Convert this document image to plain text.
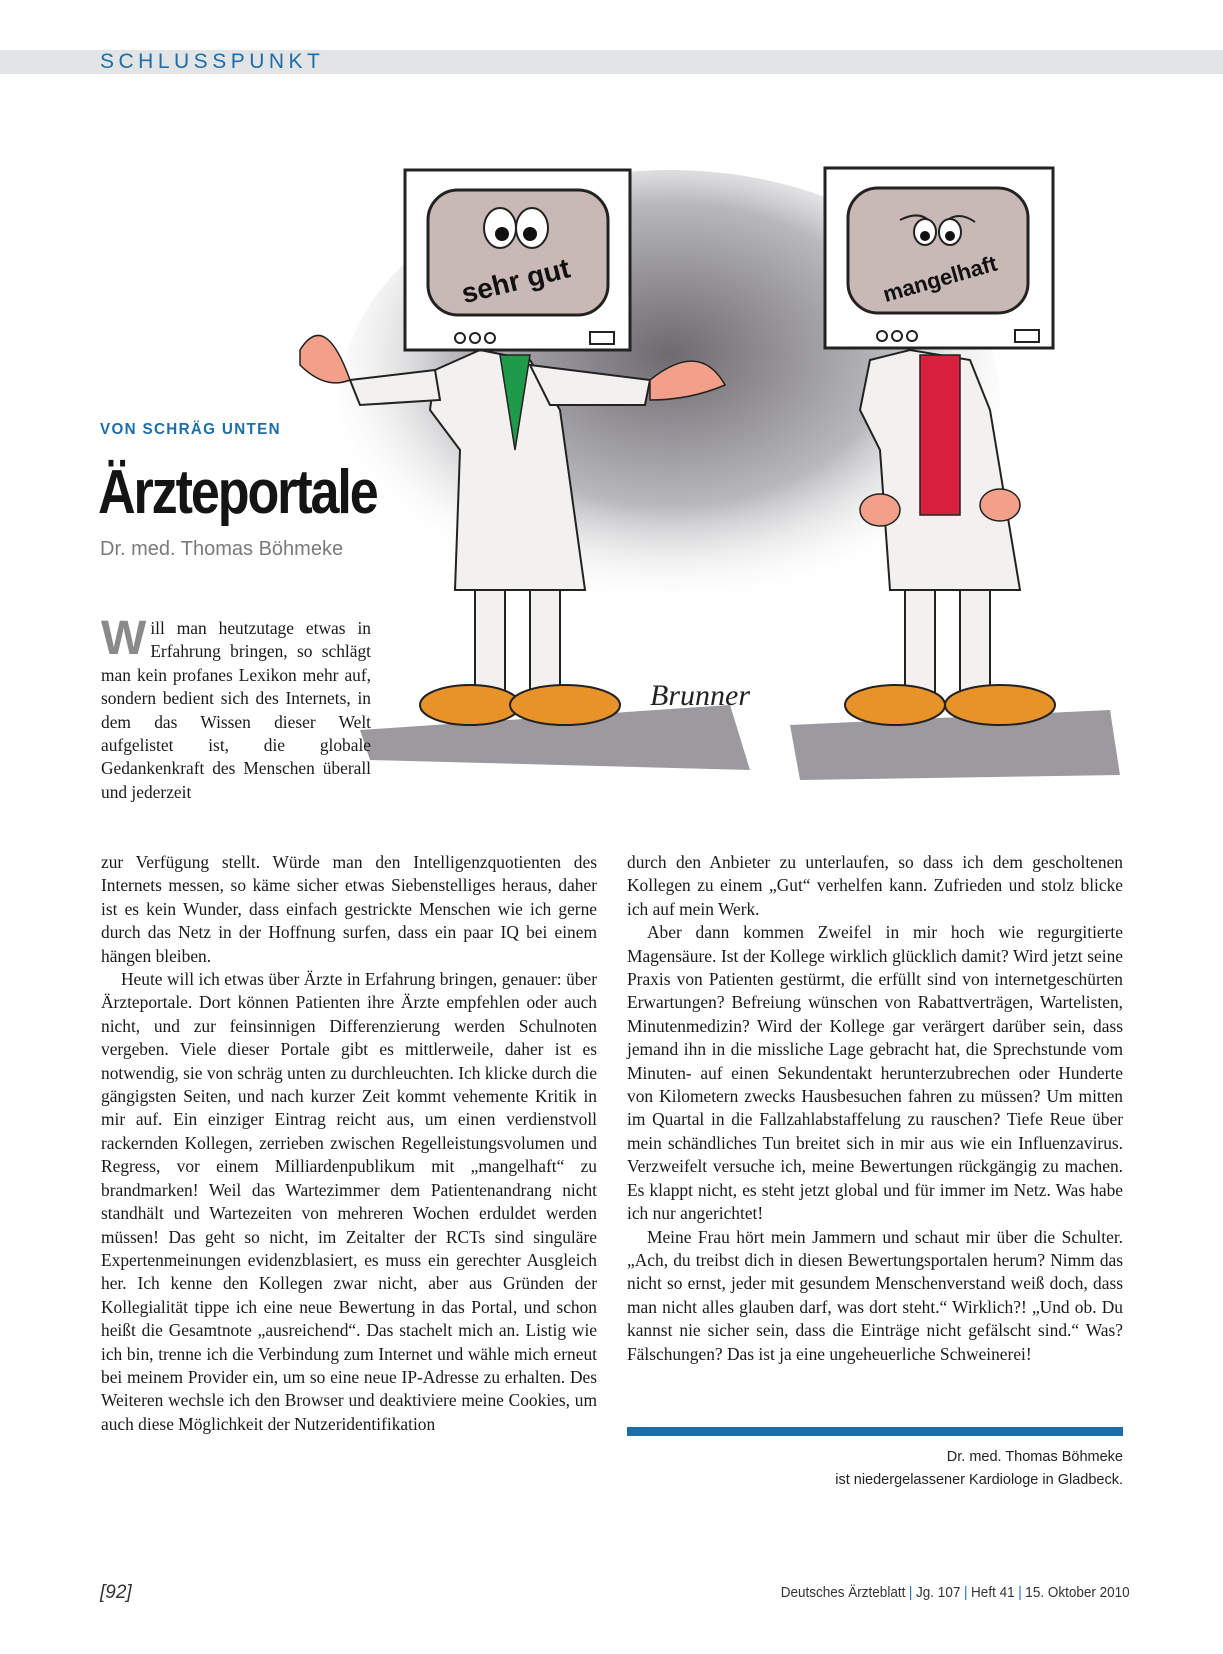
SCHLUSSPUNKT
sehr gut	mangelhaft
Brunner
VON SCHRÄG UNTEN
Ärzteportale
Dr. med. Thomas Böhmeke

Will man heutzutage etwas in Erfahrung bringen, so schlägt man kein profanes Lexikon mehr auf, sondern bedient sich des Internets, in dem das Wissen dieser Welt aufgelistet ist, die globale Gedankenkraft des Menschen überall und jederzeit

zur Verfügung stellt. Würde man den Intelligenzquotienten des Internets messen, so käme sicher etwas Siebenstelliges heraus, daher ist es kein Wunder, dass einfach gestrickte Menschen wie ich gerne durch das Netz in der Hoffnung surfen, dass ein paar IQ bei einem hängen bleiben.

Heute will ich etwas über Ärzte in Erfahrung bringen, genauer: über Ärzteportale. Dort können Patienten ihre Ärzte empfehlen oder auch nicht, und zur feinsinnigen Differenzierung werden Schulnoten vergeben. Viele dieser Portale gibt es mittlerweile, daher ist es notwendig, sie von schräg unten zu durchleuchten. Ich klicke durch die gängigsten Seiten, und nach kurzer Zeit kommt vehemente Kritik in mir auf. Ein einziger Eintrag reicht aus, um einen verdienstvoll rackernden Kollegen, zerrieben zwischen Regelleistungsvolumen und Regress, vor einem Milliardenpublikum mit „mangelhaft“ zu brandmarken! Weil das Wartezimmer dem Patientenandrang nicht standhält und Wartezeiten von mehreren Wochen erduldet werden müssen! Das geht so nicht, im Zeitalter der RCTs sind singuläre Expertenmeinungen evidenzblasiert, es muss ein gerechter Ausgleich her. Ich kenne den Kollegen zwar nicht, aber aus Gründen der Kollegialität tippe ich eine neue Bewertung in das Portal, und schon heißt die Gesamtnote „ausreichend“. Das stachelt mich an. Listig wie ich bin, trenne ich die Verbindung zum Internet und wähle mich erneut bei meinem Provider ein, um so eine neue IP-Adresse zu erhalten. Des Weiteren wechsle ich den Browser und deaktiviere meine Cookies, um auch diese Möglichkeit der Nutzeridentifikation

durch den Anbieter zu unterlaufen, so dass ich dem gescholtenen Kollegen zu einem „Gut“ verhelfen kann. Zufrieden und stolz blicke ich auf mein Werk.

Aber dann kommen Zweifel in mir hoch wie regurgitierte Magensäure. Ist der Kollege wirklich glücklich damit? Wird jetzt seine Praxis von Patienten gestürmt, die erfüllt sind von internetgeschürten Erwartungen? Befreiung wünschen von Rabattverträgen, Wartelisten, Minutenmedizin? Wird der Kollege gar verärgert darüber sein, dass jemand ihn in die missliche Lage gebracht hat, die Sprechstunde vom Minuten- auf einen Sekundentakt herunterzubrechen oder Hunderte von Kilometern zwecks Hausbesuchen fahren zu müssen? Um mitten im Quartal in die Fallzahlabstaffelung zu rauschen? Tiefe Reue über mein schändliches Tun breitet sich in mir aus wie ein Influenzavirus. Verzweifelt versuche ich, meine Bewertungen rückgängig zu machen. Es klappt nicht, es steht jetzt global und für immer im Netz. Was habe ich nur angerichtet!

Meine Frau hört mein Jammern und schaut mir über die Schulter. „Ach, du treibst dich in diesen Bewertungsportalen herum? Nimm das nicht so ernst, jeder mit gesundem Menschenverstand weiß doch, dass man nicht alles glauben darf, was dort steht.“ Wirklich?! „Und ob. Du kannst nie sicher sein, dass die Einträge nicht gefälscht sind.“ Was? Fälschungen? Das ist ja eine ungeheuerliche Schweinerei!

Dr. med. Thomas Böhmeke
ist niedergelassener Kardiologe in Gladbeck.
[92]	Deutsches Ärzteblatt | Jg. 107 | Heft 41 | 15. Oktober 2010
